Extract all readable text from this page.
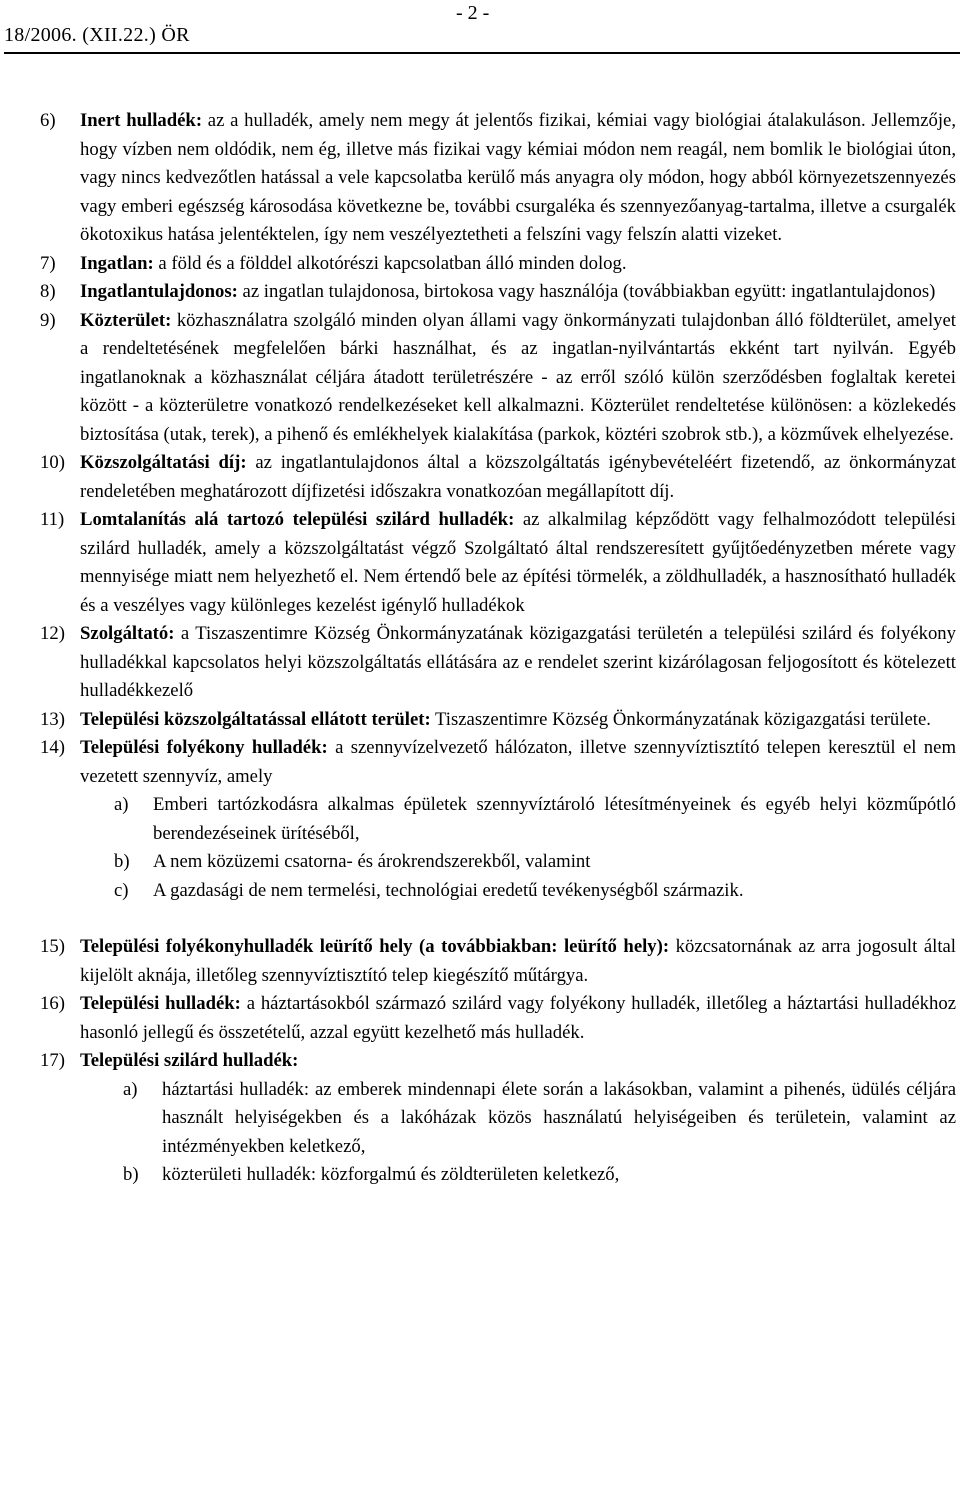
- 2 -
18/2006. (XII.22.) ÖR
6) Inert hulladék: az a hulladék, amely nem megy át jelentős fizikai, kémiai vagy biológiai átalakuláson. Jellemzője, hogy vízben nem oldódik, nem ég, illetve más fizikai vagy kémiai módon nem reagál, nem bomlik le biológiai úton, vagy nincs kedvezőtlen hatással a vele kapcsolatba kerülő más anyagra oly módon, hogy abból környezetszennyezés vagy emberi egészség károsodása következne be, további csurgaléka és szennyezőanyag-tartalma, illetve a csurgalék ökotoxikus hatása jelentéktelen, így nem veszélyeztetheti a felszíni vagy felszín alatti vizeket.
7) Ingatlan: a föld és a földdel alkotórészi kapcsolatban álló minden dolog.
8) Ingatlantulajdonos: az ingatlan tulajdonosa, birtokosa vagy használója (továbbiakban együtt: ingatlantulajdonos)
9) Közterület: közhasználatra szolgáló minden olyan állami vagy önkormányzati tulajdonban álló földterület, amelyet a rendeltetésének megfelelően bárki használhat, és az ingatlan-nyilvántartás ekként tart nyilván. Egyéb ingatlanoknak a közhasználat céljára átadott területrészére - az erről szóló külön szerződésben foglaltak keretei között - a közterületre vonatkozó rendelkezéseket kell alkalmazni. Közterület rendeltetése különösen: a közlekedés biztosítása (utak, terek), a pihenő és emlékhelyek kialakítása (parkok, köztéri szobrok stb.), a közművek elhelyezése.
10) Közszolgáltatási díj: az ingatlantulajdonos által a közszolgáltatás igénybevételéért fizetendő, az önkormányzat rendeletében meghatározott díjfizetési időszakra vonatkozóan megállapított díj.
11) Lomtalanítás alá tartozó települési szilárd hulladék: az alkalmilag képződött vagy felhalmozódott települési szilárd hulladék, amely a közszolgáltatást végző Szolgáltató által rendszeresített gyűjtőedényzetben mérete vagy mennyisége miatt nem helyezhető el. Nem értendő bele az építési törmelék, a zöldhulladék, a hasznosítható hulladék és a veszélyes vagy különleges kezelést igénylő hulladékok
12) Szolgáltató: a Tiszaszentimre Község Önkormányzatának közigazgatási területén a települési szilárd és folyékony hulladékkal kapcsolatos helyi közszolgáltatás ellátására az e rendelet szerint kizárólagosan feljogosított és kötelezett hulladékkezelő
13) Települési közszolgáltatással ellátott terület: Tiszaszentimre Község Önkormányzatának közigazgatási területe.
14) Települési folyékony hulladék: a szennyvízelvezető hálózaton, illetve szennyvíztisztító telepen keresztül el nem vezetett szennyvíz, amely
a) Emberi tartózkodásra alkalmas épületek szennyvíztároló létesítményeinek és egyéb helyi közműpótló berendezéseinek ürítéséből,
b) A nem közüzemi csatorna- és árokrendszerekből, valamint
c) A gazdasági de nem termelési, technológiai eredetű tevékenységből származik.
15) Települési folyékonyhulladék leürítő hely (a továbbiakban: leürítő hely): közcsatornának az arra jogosult által kijelölt aknája, illetőleg szennyvíztisztító telep kiegészítő műtárgya.
16) Települési hulladék: a háztartásokból származó szilárd vagy folyékony hulladék, illetőleg a háztartási hulladékhoz hasonló jellegű és összetételű, azzal együtt kezelhető más hulladék.
17) Települési szilárd hulladék:
a) háztartási hulladék: az emberek mindennapi élete során a lakásokban, valamint a pihenés, üdülés céljára használt helyiségekben és a lakóházak közös használatú helyiségeiben és területein, valamint az intézményekben keletkező,
b) közterületi hulladék: közforgalmú és zöldterületen keletkező,
